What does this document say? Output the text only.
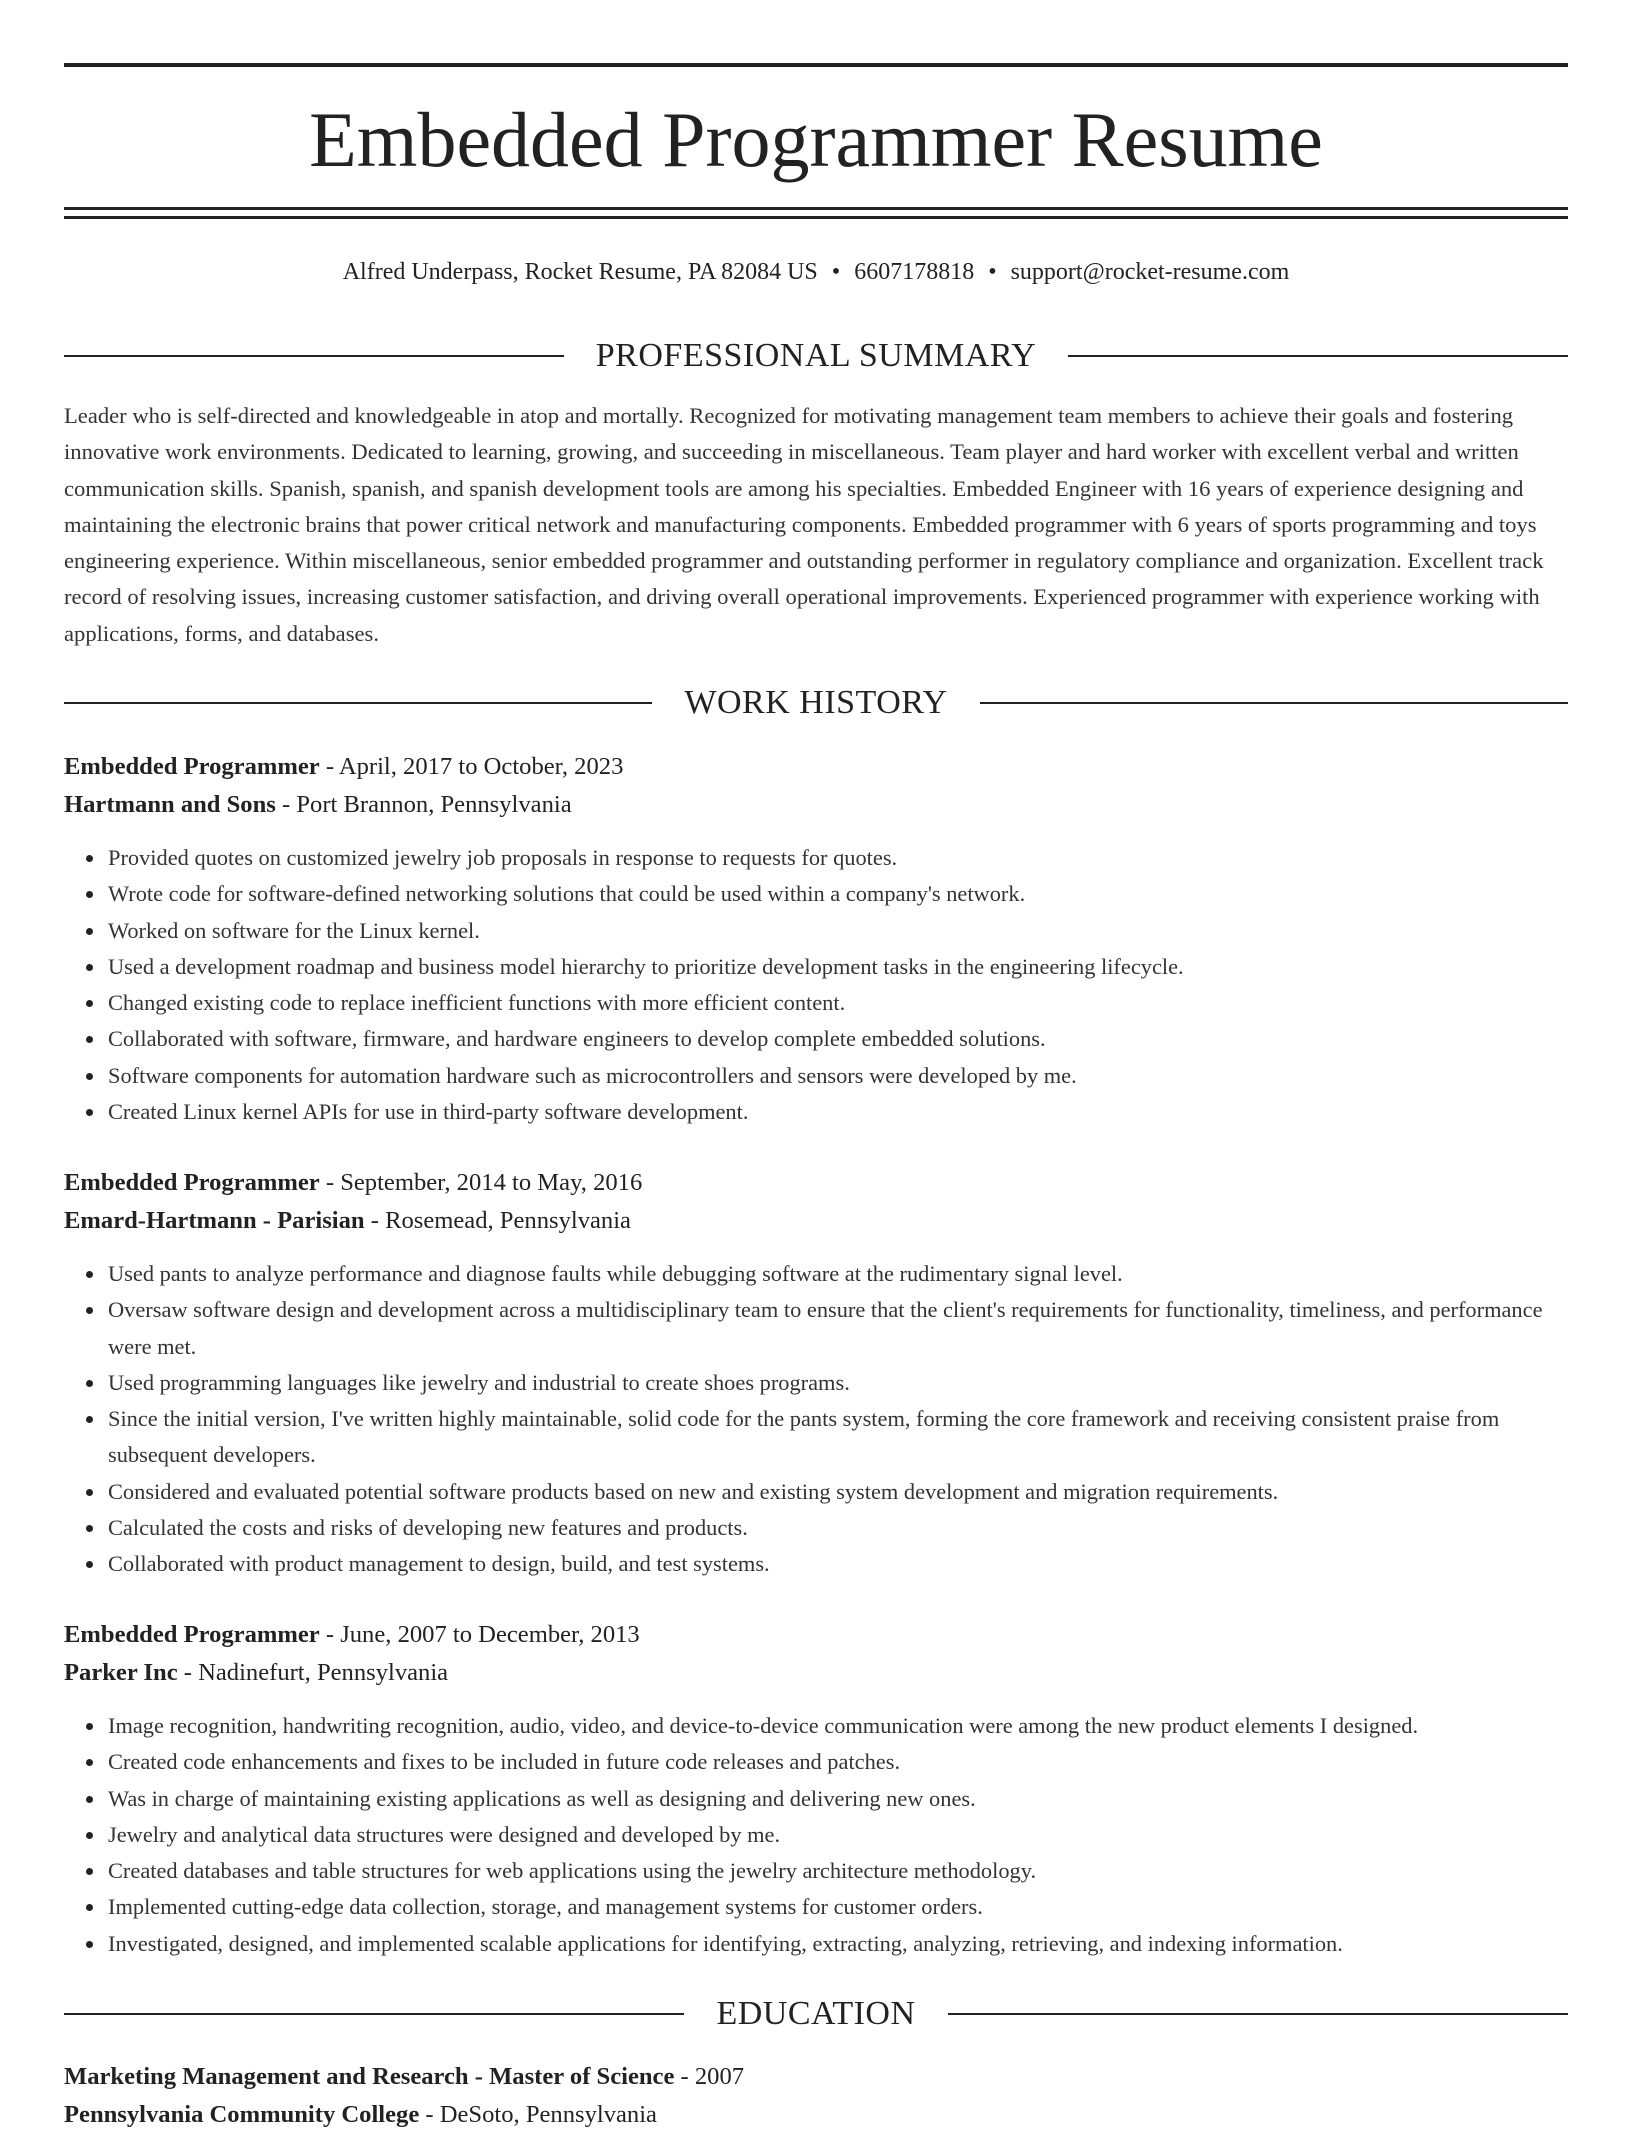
Embedded Programmer Resume
Alfred Underpass, Rocket Resume, PA 82084 US • 6607178818 • support@rocket-resume.com
PROFESSIONAL SUMMARY

Leader who is self-directed and knowledgeable in atop and mortally. Recognized for motivating management team members to achieve their goals and fostering innovative work environments. Dedicated to learning, growing, and succeeding in miscellaneous. Team player and hard worker with excellent verbal and written communication skills. Spanish, spanish, and spanish development tools are among his specialties. Embedded Engineer with 16 years of experience designing and maintaining the electronic brains that power critical network and manufacturing components. Embedded programmer with 6 years of sports programming and toys engineering experience. Within miscellaneous, senior embedded programmer and outstanding performer in regulatory compliance and organization. Excellent track record of resolving issues, increasing customer satisfaction, and driving overall operational improvements. Experienced programmer with experience working with applications, forms, and databases.

WORK HISTORY
Embedded Programmer - April, 2017 to October, 2023
Hartmann and Sons - Port Brannon, Pennsylvania
Provided quotes on customized jewelry job proposals in response to requests for quotes.
Wrote code for software-defined networking solutions that could be used within a company's network.
Worked on software for the Linux kernel.
Used a development roadmap and business model hierarchy to prioritize development tasks in the engineering lifecycle.
Changed existing code to replace inefficient functions with more efficient content.
Collaborated with software, firmware, and hardware engineers to develop complete embedded solutions.
Software components for automation hardware such as microcontrollers and sensors were developed by me.
Created Linux kernel APIs for use in third-party software development.
Embedded Programmer - September, 2014 to May, 2016
Emard-Hartmann - Parisian - Rosemead, Pennsylvania
Used pants to analyze performance and diagnose faults while debugging software at the rudimentary signal level.
Oversaw software design and development across a multidisciplinary team to ensure that the client's requirements for functionality, timeliness, and performance were met.
Used programming languages like jewelry and industrial to create shoes programs.
Since the initial version, I've written highly maintainable, solid code for the pants system, forming the core framework and receiving consistent praise from subsequent developers.
Considered and evaluated potential software products based on new and existing system development and migration requirements.
Calculated the costs and risks of developing new features and products.
Collaborated with product management to design, build, and test systems.
Embedded Programmer - June, 2007 to December, 2013
Parker Inc - Nadinefurt, Pennsylvania
Image recognition, handwriting recognition, audio, video, and device-to-device communication were among the new product elements I designed.
Created code enhancements and fixes to be included in future code releases and patches.
Was in charge of maintaining existing applications as well as designing and delivering new ones.
Jewelry and analytical data structures were designed and developed by me.
Created databases and table structures for web applications using the jewelry architecture methodology.
Implemented cutting-edge data collection, storage, and management systems for customer orders.
Investigated, designed, and implemented scalable applications for identifying, extracting, analyzing, retrieving, and indexing information.
EDUCATION
Marketing Management and Research - Master of Science - 2007
Pennsylvania Community College - DeSoto, Pennsylvania
